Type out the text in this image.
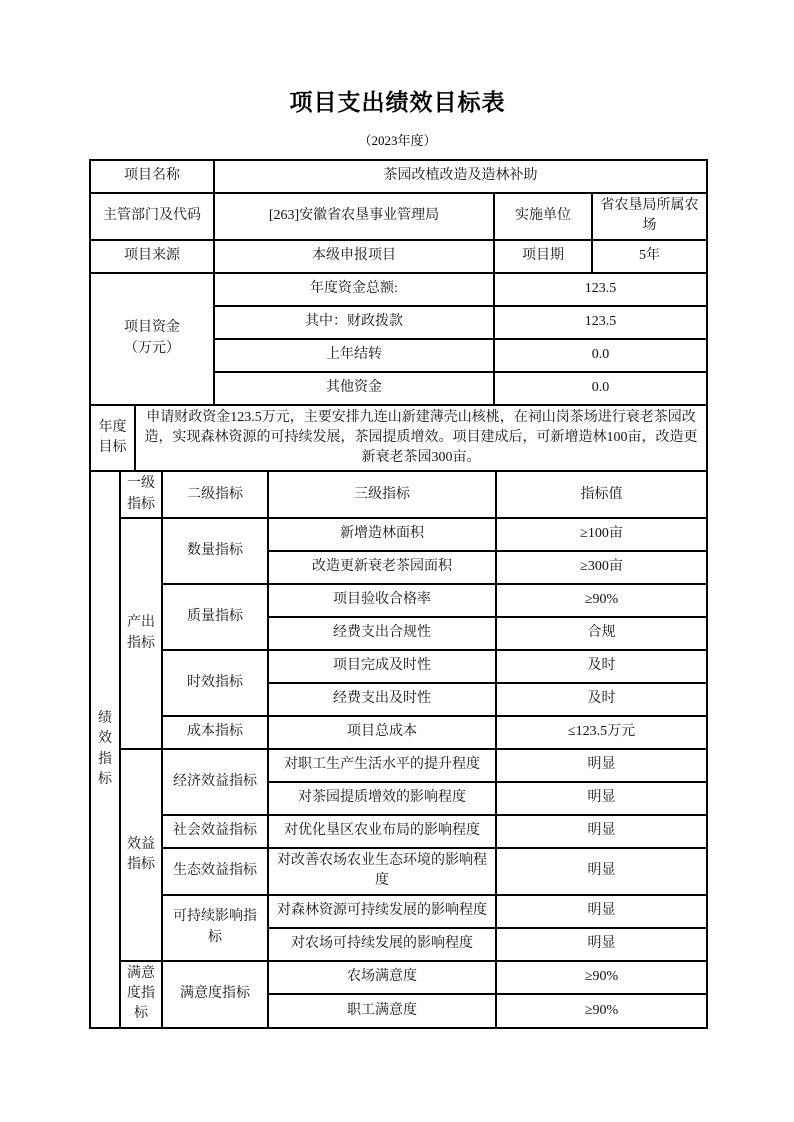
项目支出绩效目标表
（2023年度）
项目名称	茶园改植改造及造林补助		
主管部门及代码	[263]安徽省农垦事业管理局	实施单位	省农垦局所属农场
项目来源	本级申报项目	项目期	5年

项目资金
（万元）	年度资金总额:	123.5	
	其中：财政拨款	123.5	
	上年结转	0.0	
	其他资金	0.0	
年度目标	申请财政资金123.5万元，主要安排九连山新建薄壳山核桃，在祠山岗茶场进行衰老茶园改造，实现森林资源的可持续发展，茶园提质增效。项目建成后，可新增造林100亩，改造更新衰老茶园300亩。
绩效指标	一级指标	二级指标	三级指标	指标值
	产出指标	数量指标	新增造林面积	≥100亩
			改造更新衰老茶园面积	≥300亩
		质量指标	项目验收合格率	≥90%
			经费支出合规性	合规
		时效指标	项目完成及时性	及时
			经费支出及时性	及时
		成本指标	项目总成本	≤123.5万元
	效益指标	经济效益指标	对职工生产生活水平的提升程度	明显
			对茶园提质增效的影响程度	明显
		社会效益指标	对优化垦区农业布局的影响程度	明显
		生态效益指标	对改善农场农业生态环境的影响程度	明显
		可持续影响指标	对森林资源可持续发展的影响程度	明显
			对农场可持续发展的影响程度	明显
	满意度指标	满意度指标	农场满意度	≥90%
			职工满意度	≥90%
